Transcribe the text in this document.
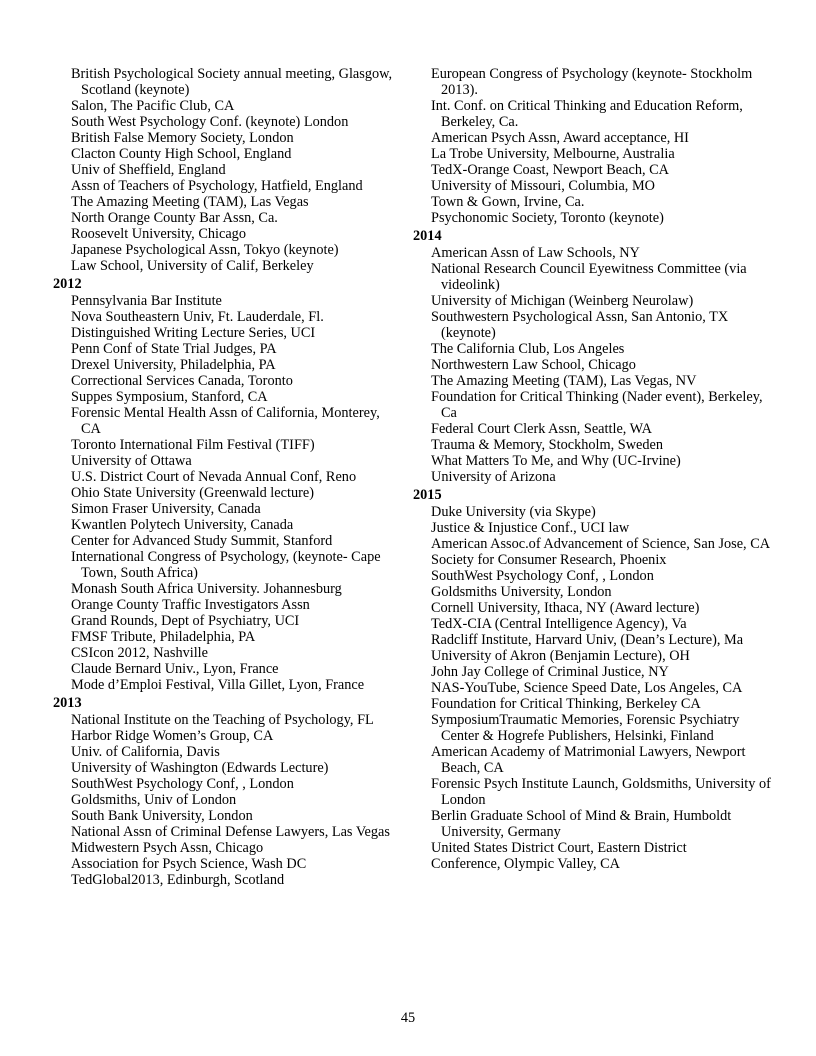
British Psychological Society annual meeting, Glasgow, Scotland (keynote)
Salon, The Pacific Club, CA
South West Psychology Conf. (keynote) London
British False Memory Society, London
Clacton County High School, England
Univ of Sheffield, England
Assn of Teachers of Psychology, Hatfield, England
The Amazing Meeting (TAM), Las Vegas
North Orange County Bar Assn, Ca.
Roosevelt University, Chicago
Japanese Psychological Assn, Tokyo (keynote)
Law School, University of Calif, Berkeley
2012
Pennsylvania Bar Institute
Nova Southeastern Univ, Ft. Lauderdale, Fl.
Distinguished Writing Lecture Series, UCI
Penn Conf of State Trial Judges, PA
Drexel University, Philadelphia, PA
Correctional Services Canada, Toronto
Suppes Symposium, Stanford, CA
Forensic Mental Health Assn of California, Monterey, CA
Toronto International Film Festival (TIFF)
University of Ottawa
U.S. District Court of Nevada Annual Conf, Reno
Ohio State University (Greenwald lecture)
Simon Fraser University, Canada
Kwantlen Polytech University, Canada
Center for Advanced Study Summit, Stanford
International Congress of Psychology, (keynote- Cape Town, South Africa)
Monash South Africa University. Johannesburg
Orange County Traffic Investigators Assn
Grand Rounds, Dept of Psychiatry, UCI
FMSF Tribute, Philadelphia, PA
CSIcon 2012, Nashville
Claude Bernard Univ., Lyon, France
Mode d’Emploi Festival, Villa Gillet, Lyon, France
2013
National Institute on the Teaching of Psychology, FL
Harbor Ridge Women’s Group, CA
Univ. of California, Davis
University of Washington (Edwards Lecture)
SouthWest Psychology Conf, , London
Goldsmiths, Univ of London
South Bank University, London
National Assn of Criminal Defense Lawyers, Las Vegas
Midwestern Psych Assn, Chicago
Association for Psych Science, Wash DC
TedGlobal2013, Edinburgh, Scotland
European Congress of Psychology (keynote- Stockholm 2013).
Int. Conf. on Critical Thinking and Education Reform, Berkeley, Ca.
American Psych Assn, Award acceptance, HI
La Trobe University, Melbourne, Australia
TedX-Orange Coast, Newport Beach, CA
University of Missouri, Columbia, MO
Town & Gown, Irvine, Ca.
Psychonomic Society, Toronto (keynote)
2014
American Assn of Law Schools, NY
National Research Council Eyewitness Committee (via videolink)
University of Michigan (Weinberg Neurolaw)
Southwestern Psychological Assn, San Antonio, TX (keynote)
The California Club, Los Angeles
Northwestern Law School, Chicago
The Amazing Meeting (TAM), Las Vegas, NV
Foundation for Critical Thinking (Nader event), Berkeley, Ca
Federal Court Clerk Assn, Seattle, WA
Trauma & Memory, Stockholm, Sweden
What Matters To Me, and Why (UC-Irvine)
University of Arizona
2015
Duke University (via Skype)
Justice & Injustice Conf., UCI law
American Assoc.of Advancement of Science, San Jose, CA
Society for Consumer Research, Phoenix
SouthWest Psychology Conf, , London
Goldsmiths University, London
Cornell University, Ithaca, NY (Award lecture)
TedX-CIA (Central Intelligence Agency), Va
Radcliff Institute, Harvard Univ, (Dean’s Lecture), Ma
University of Akron (Benjamin Lecture), OH
John Jay College of Criminal Justice, NY
NAS-YouTube, Science Speed Date, Los Angeles, CA
Foundation for Critical Thinking, Berkeley CA
SymposiumTraumatic Memories, Forensic Psychiatry Center & Hogrefe Publishers, Helsinki, Finland
American Academy of Matrimonial Lawyers, Newport Beach, CA
Forensic Psych Institute Launch, Goldsmiths, University of London
Berlin Graduate School of Mind & Brain, Humboldt University, Germany
United States District Court, Eastern District
Conference, Olympic Valley, CA
45
